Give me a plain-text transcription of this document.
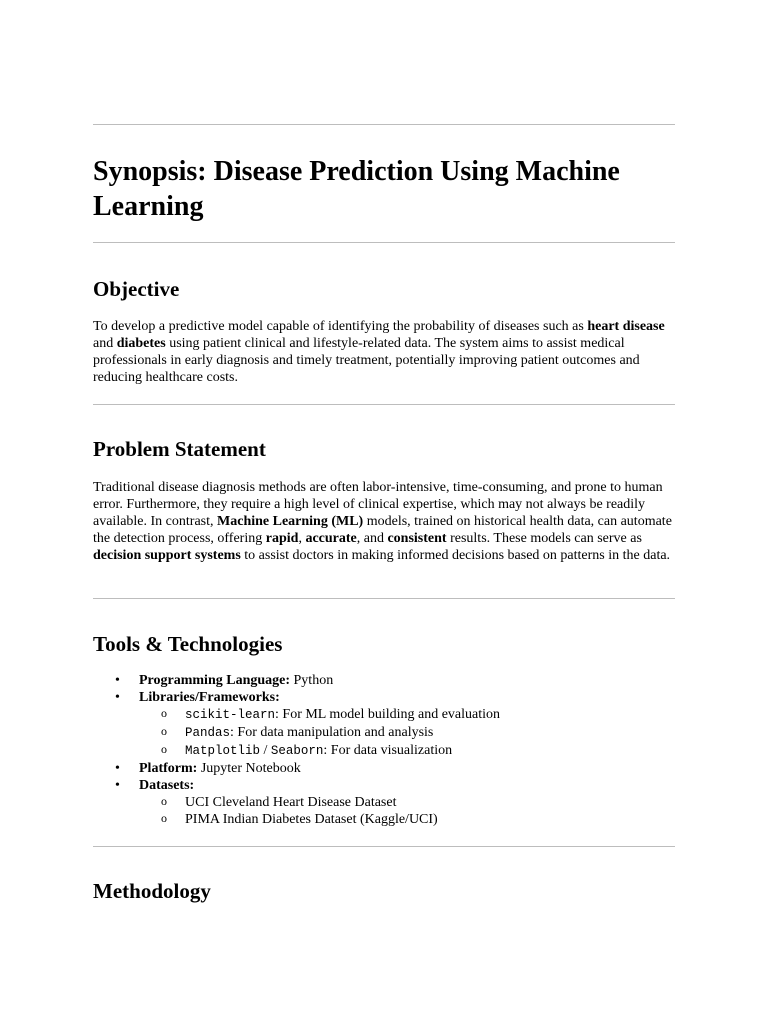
Synopsis: Disease Prediction Using Machine Learning
Objective

To develop a predictive model capable of identifying the probability of diseases such as heart disease and diabetes using patient clinical and lifestyle-related data. The system aims to assist medical professionals in early diagnosis and timely treatment, potentially improving patient outcomes and reducing healthcare costs.

Problem Statement

Traditional disease diagnosis methods are often labor-intensive, time-consuming, and prone to human error. Furthermore, they require a high level of clinical expertise, which may not always be readily available. In contrast, Machine Learning (ML) models, trained on historical health data, can automate the detection process, offering rapid, accurate, and consistent results. These models can serve as decision support systems to assist doctors in making informed decisions based on patterns in the data.

Tools & Technologies
• Programming Language: Python
• Libraries/Frameworks:
o scikit-learn: For ML model building and evaluation
o Pandas: For data manipulation and analysis
o Matplotlib / Seaborn: For data visualization
• Platform: Jupyter Notebook
• Datasets:
o UCI Cleveland Heart Disease Dataset
o PIMA Indian Diabetes Dataset (Kaggle/UCI)
Methodology
